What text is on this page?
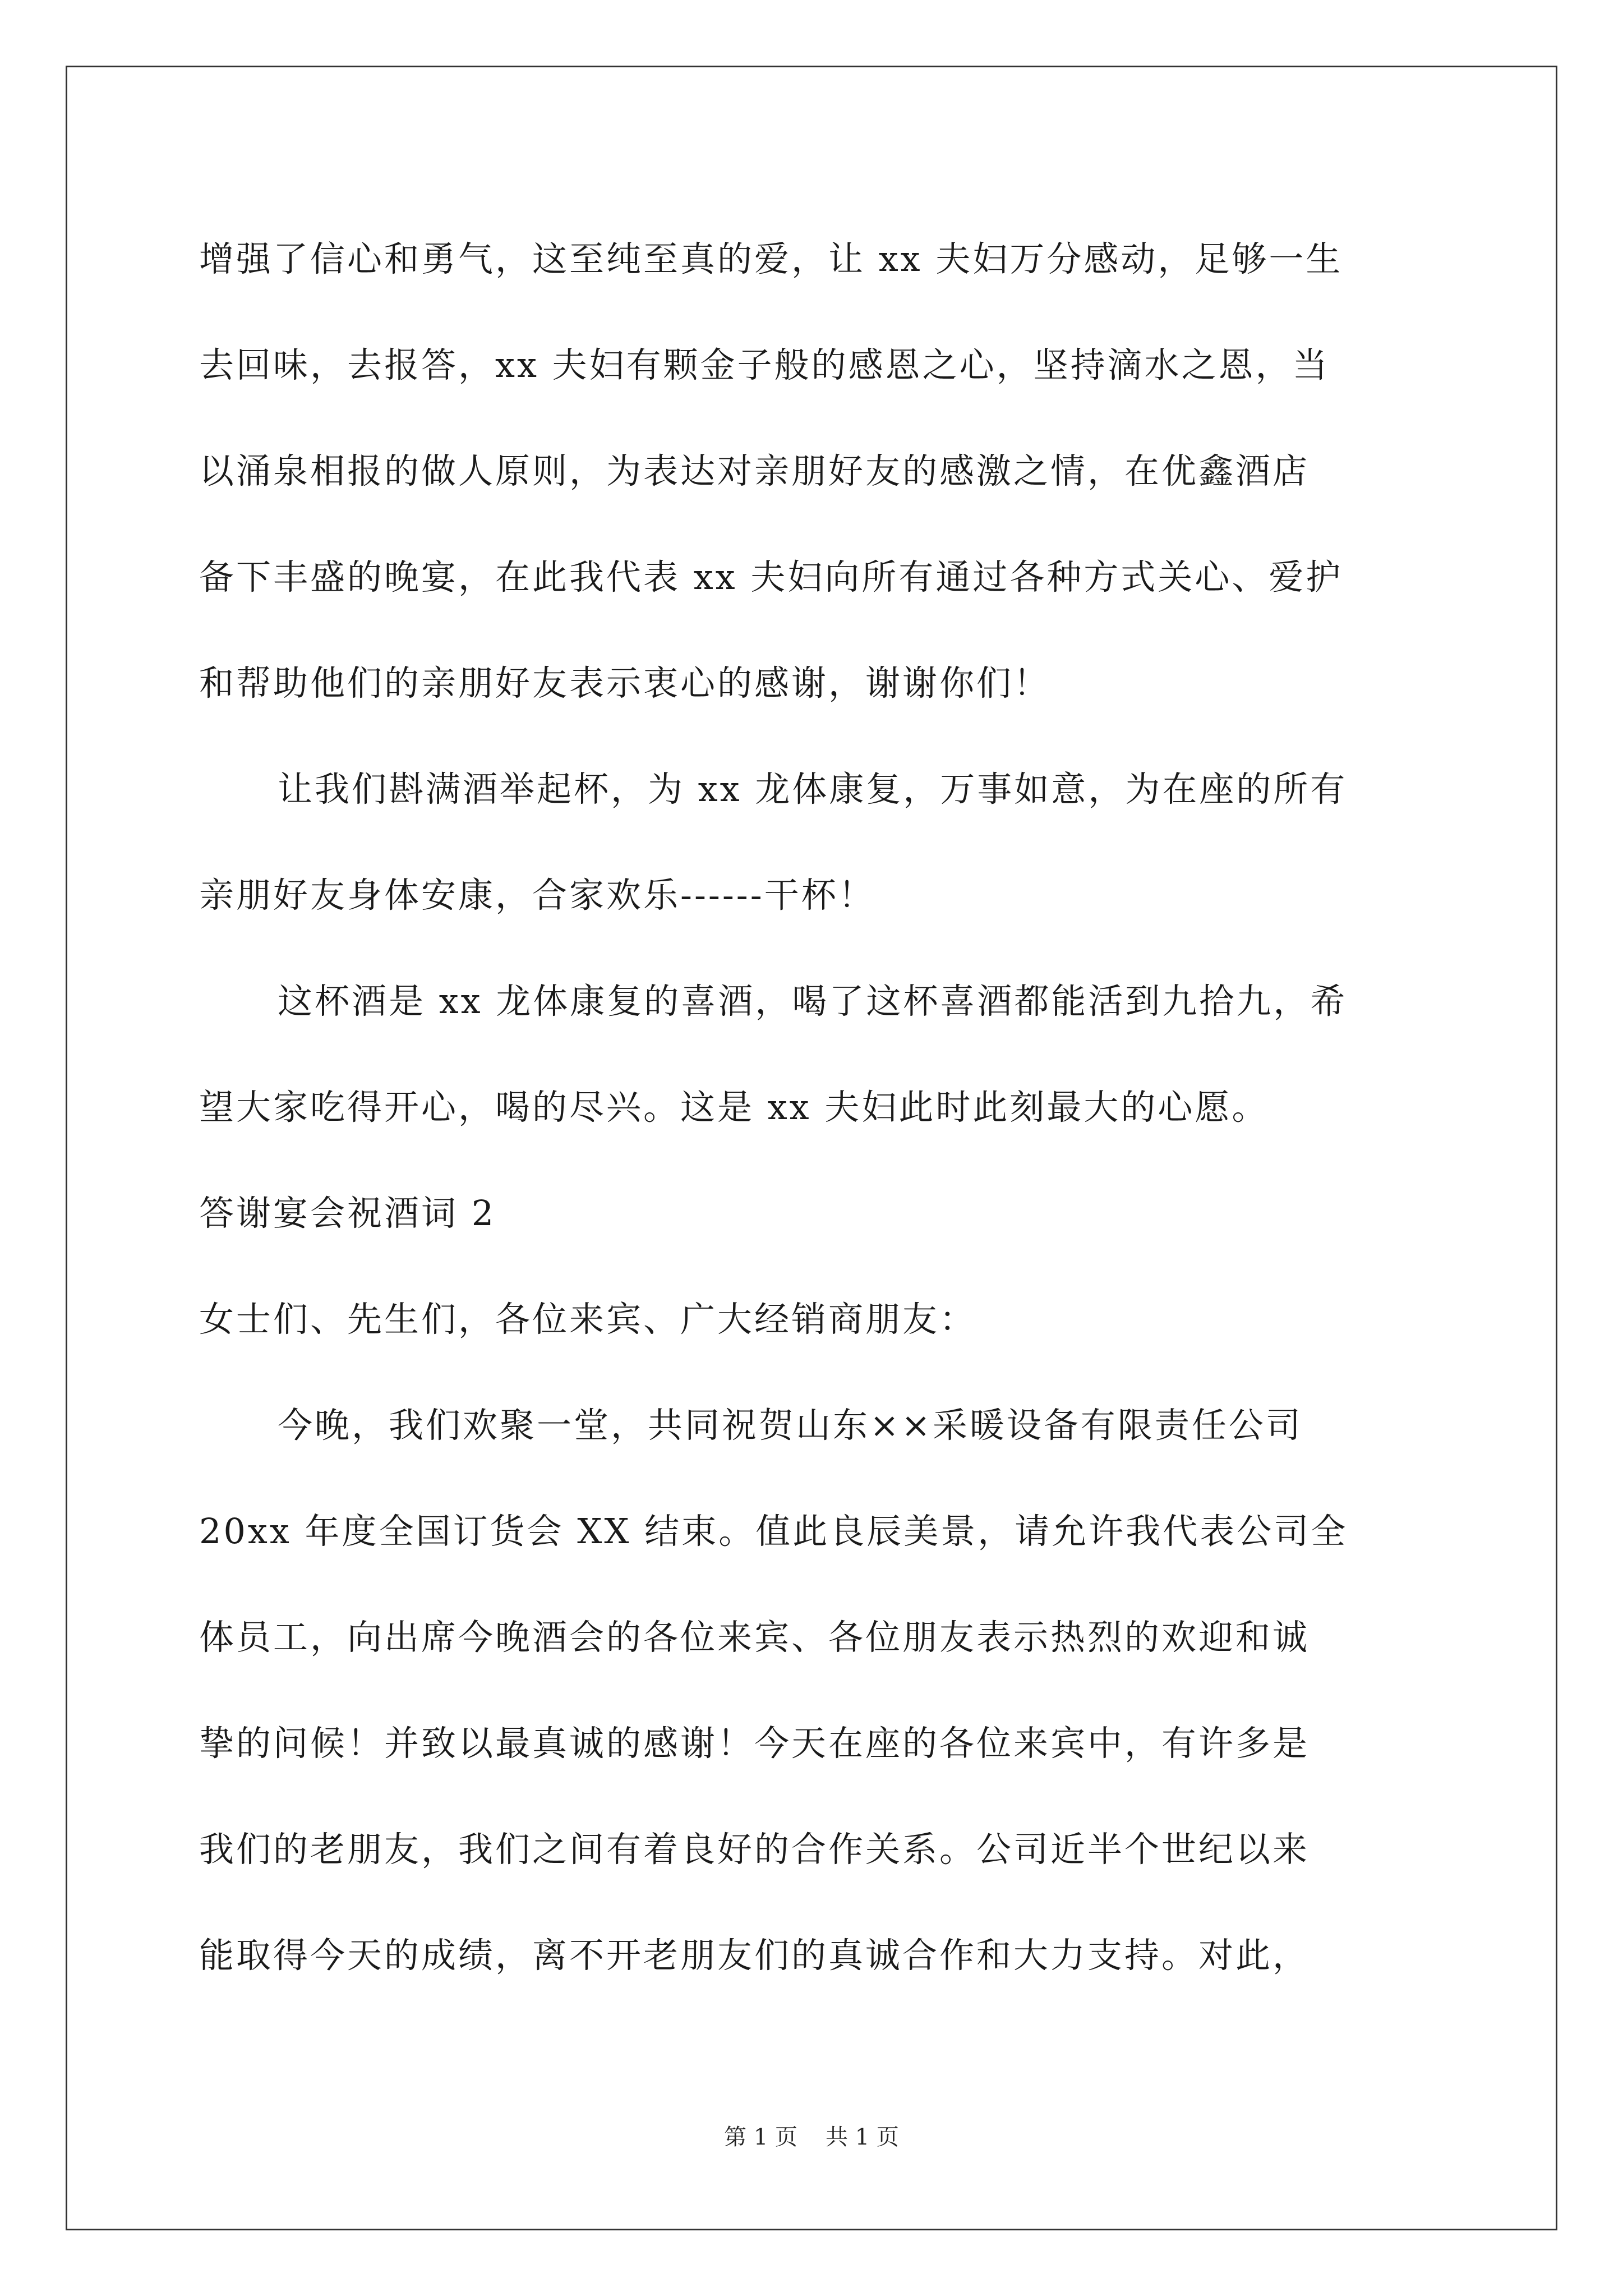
增强了信心和勇气，这至纯至真的爱，让 xx 夫妇万分感动，足够一生
去回味，去报答，xx 夫妇有颗金子般的感恩之心，坚持滴水之恩，当
以涌泉相报的做人原则，为表达对亲朋好友的感激之情，在优鑫酒店
备下丰盛的晚宴，在此我代表 xx 夫妇向所有通过各种方式关心、爱护
和帮助他们的亲朋好友表示衷心的感谢，谢谢你们！
让我们斟满酒举起杯，为 xx 龙体康复，万事如意，为在座的所有
亲朋好友身体安康，合家欢乐------干杯！
这杯酒是 xx 龙体康复的喜酒，喝了这杯喜酒都能活到九拾九，希
望大家吃得开心，喝的尽兴。这是 xx 夫妇此时此刻最大的心愿。
答谢宴会祝酒词 2
女士们、先生们，各位来宾、广大经销商朋友：
今晚，我们欢聚一堂，共同祝贺山东××采暖设备有限责任公司
20xx 年度全国订货会 XX 结束。值此良辰美景，请允许我代表公司全
体员工，向出席今晚酒会的各位来宾、各位朋友表示热烈的欢迎和诚
挚的问候！并致以最真诚的感谢！今天在座的各位来宾中，有许多是
我们的老朋友，我们之间有着良好的合作关系。公司近半个世纪以来
能取得今天的成绩，离不开老朋友们的真诚合作和大力支持。对此，
第 1 页 共 1 页
